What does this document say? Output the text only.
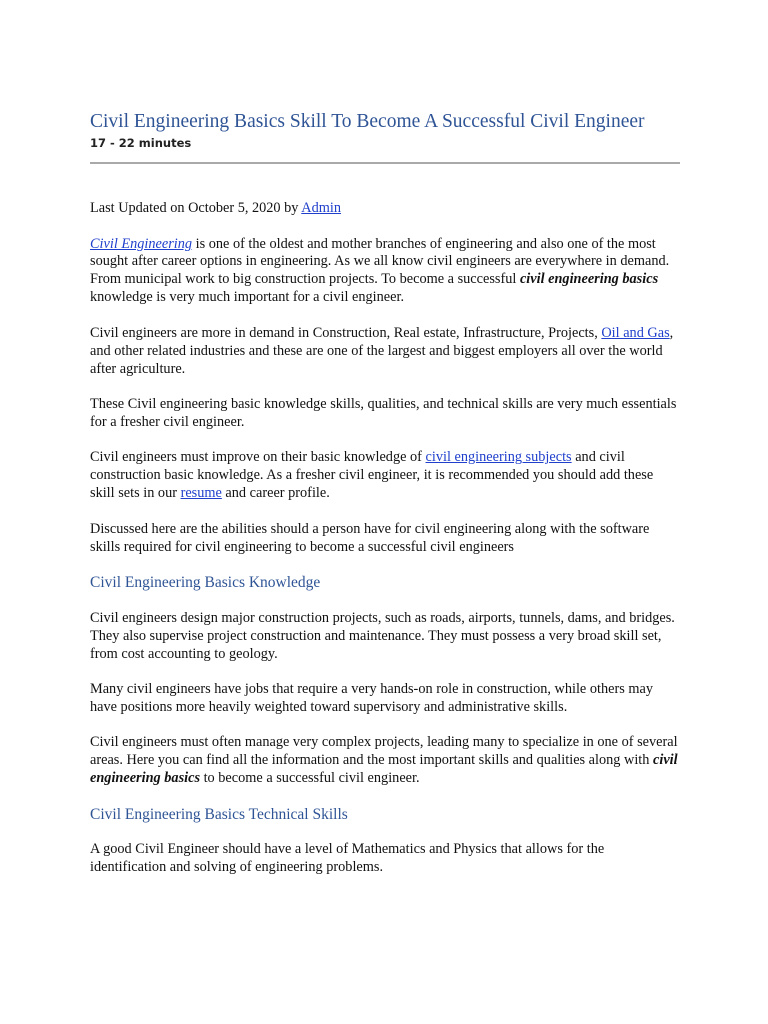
Civil Engineering Basics Skill To Become A Successful Civil Engineer
17 - 22 minutes

Last Updated on October 5, 2020 by Admin

Civil Engineering is one of the oldest and mother branches of engineering and also one of the most sought after career options in engineering. As we all know civil engineers are everywhere in demand. From municipal work to big construction projects. To become a successful civil engineering basics knowledge is very much important for a civil engineer.

Civil engineers are more in demand in Construction, Real estate, Infrastructure, Projects, Oil and Gas, and other related industries and these are one of the largest and biggest employers all over the world after agriculture.

These Civil engineering basic knowledge skills, qualities, and technical skills are very much essentials for a fresher civil engineer.

Civil engineers must improve on their basic knowledge of civil engineering subjects and civil construction basic knowledge. As a fresher civil engineer, it is recommended you should add these skill sets in our resume and career profile.

Discussed here are the abilities should a person have for civil engineering along with the software skills required for civil engineering to become a successful civil engineers

Civil Engineering Basics Knowledge

Civil engineers design major construction projects, such as roads, airports, tunnels, dams, and bridges. They also supervise project construction and maintenance. They must possess a very broad skill set, from cost accounting to geology.

Many civil engineers have jobs that require a very hands-on role in construction, while others may have positions more heavily weighted toward supervisory and administrative skills.

Civil engineers must often manage very complex projects, leading many to specialize in one of several areas. Here you can find all the information and the most important skills and qualities along with civil engineering basics to become a successful civil engineer.

Civil Engineering Basics Technical Skills

A good Civil Engineer should have a level of Mathematics and Physics that allows for the identification and solving of engineering problems.
